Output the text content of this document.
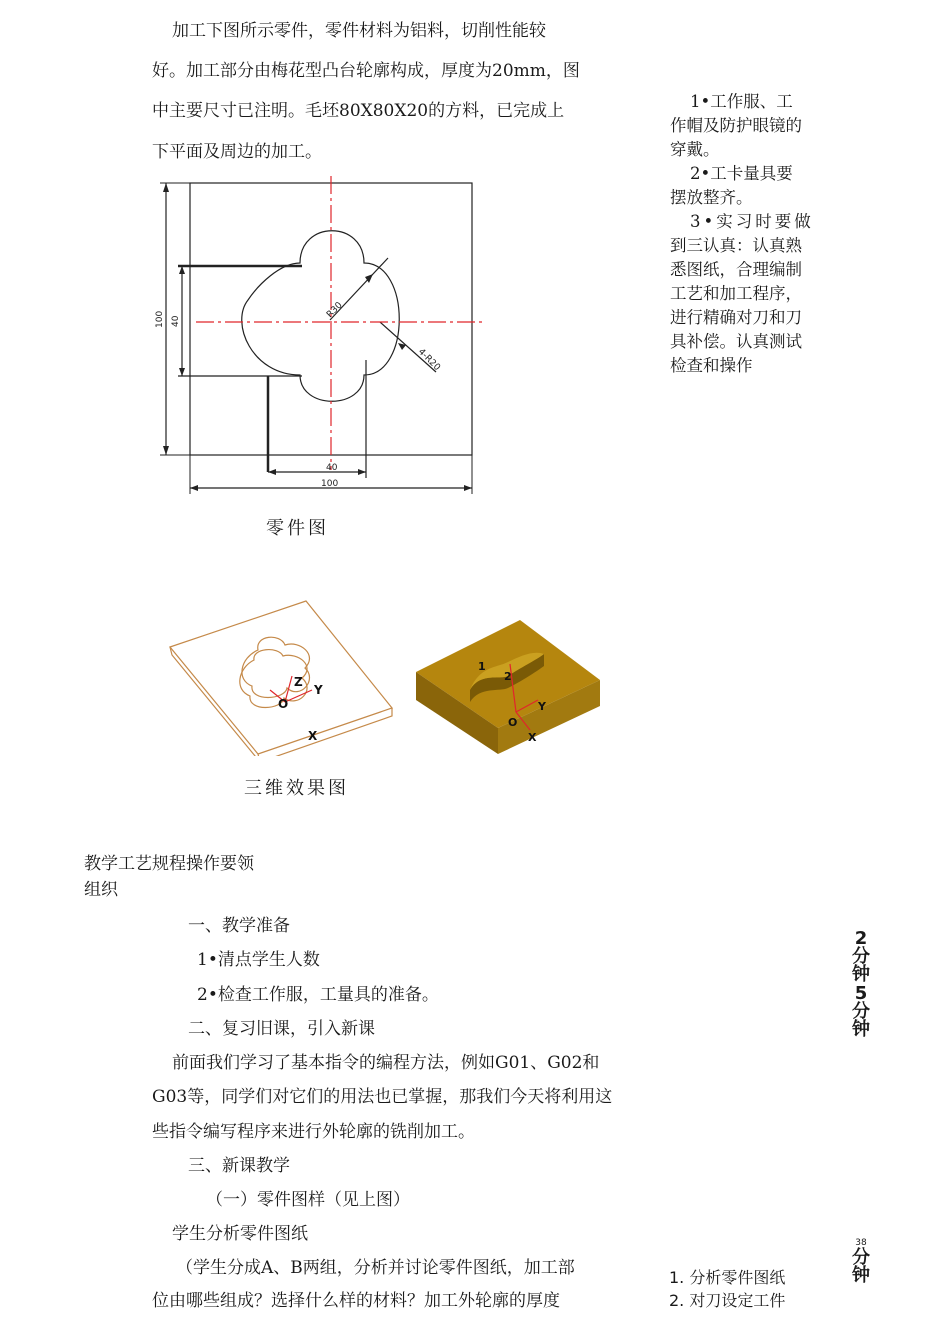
加工下图所示零件，零件材料为铝料，切削性能较
好。加工部分由梅花型凸台轮廓构成，厚度为20mm，图
中主要尺寸已注明。毛坯80X80X20的方料，已完成上
下平面及周边的加工。
1•工作服、工
作帽及防护眼镜的
穿戴。
2•工卡量具要
摆放整齐。
3•实习时要做
到三认真：认真熟
悉图纸，合理编制
工艺和加工程序，
进行精确对刀和刀
具补偿。认真测试
检查和操作
100 40
R30
4-R20
40
100
零件图
Z
Y
O
X
1
2
Y
O
X
三维效果图
教学工艺规程操作要领
组织
一、教学准备
1•清点学生人数
2•检查工作服，工量具的准备。
二、复习旧课，引入新课
前面我们学习了基本指令的编程方法，例如G01、G02和
G03等，同学们对它们的用法也已掌握，那我们今天将利用这
些指令编写程序来进行外轮廓的铣削加工。
三、新课教学
（一）零件图样（见上图）
学生分析零件图纸
（学生分成A、B两组，分析并讨论零件图纸，加工部
位由哪些组成？选择什么样的材料？加工外轮廓的厚度
1. 分析零件图纸
2. 对刀设定工件
2
分
钟
5
分
钟
38
分
钟
